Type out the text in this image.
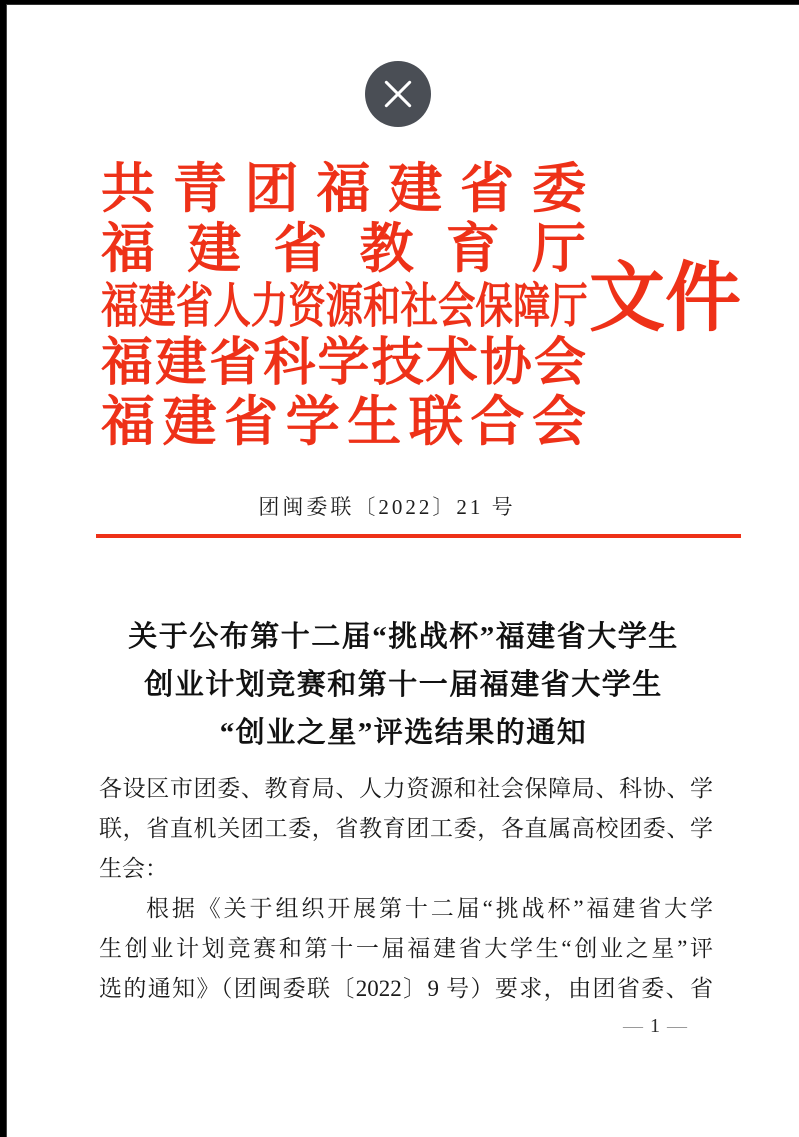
共青团福建省委
福建省教育厅
福建省人力资源和社会保障厅
福建省科学技术协会
福建省学生联合会
文件
团闽委联〔2022〕21 号
关于公布第十二届“挑战杯”福建省大学生
创业计划竞赛和第十一届福建省大学生
“创业之星”评选结果的通知
各设区市团委、教育局、人力资源和社会保障局、科协、学
联，省直机关团工委，省教育团工委，各直属高校团委、学
生会：
根据《关于组织开展第十二届“挑战杯”福建省大学
生创业计划竞赛和第十一届福建省大学生“创业之星”评
选的通知》（团闽委联〔2022〕9 号）要求，由团省委、省
— 1 —
